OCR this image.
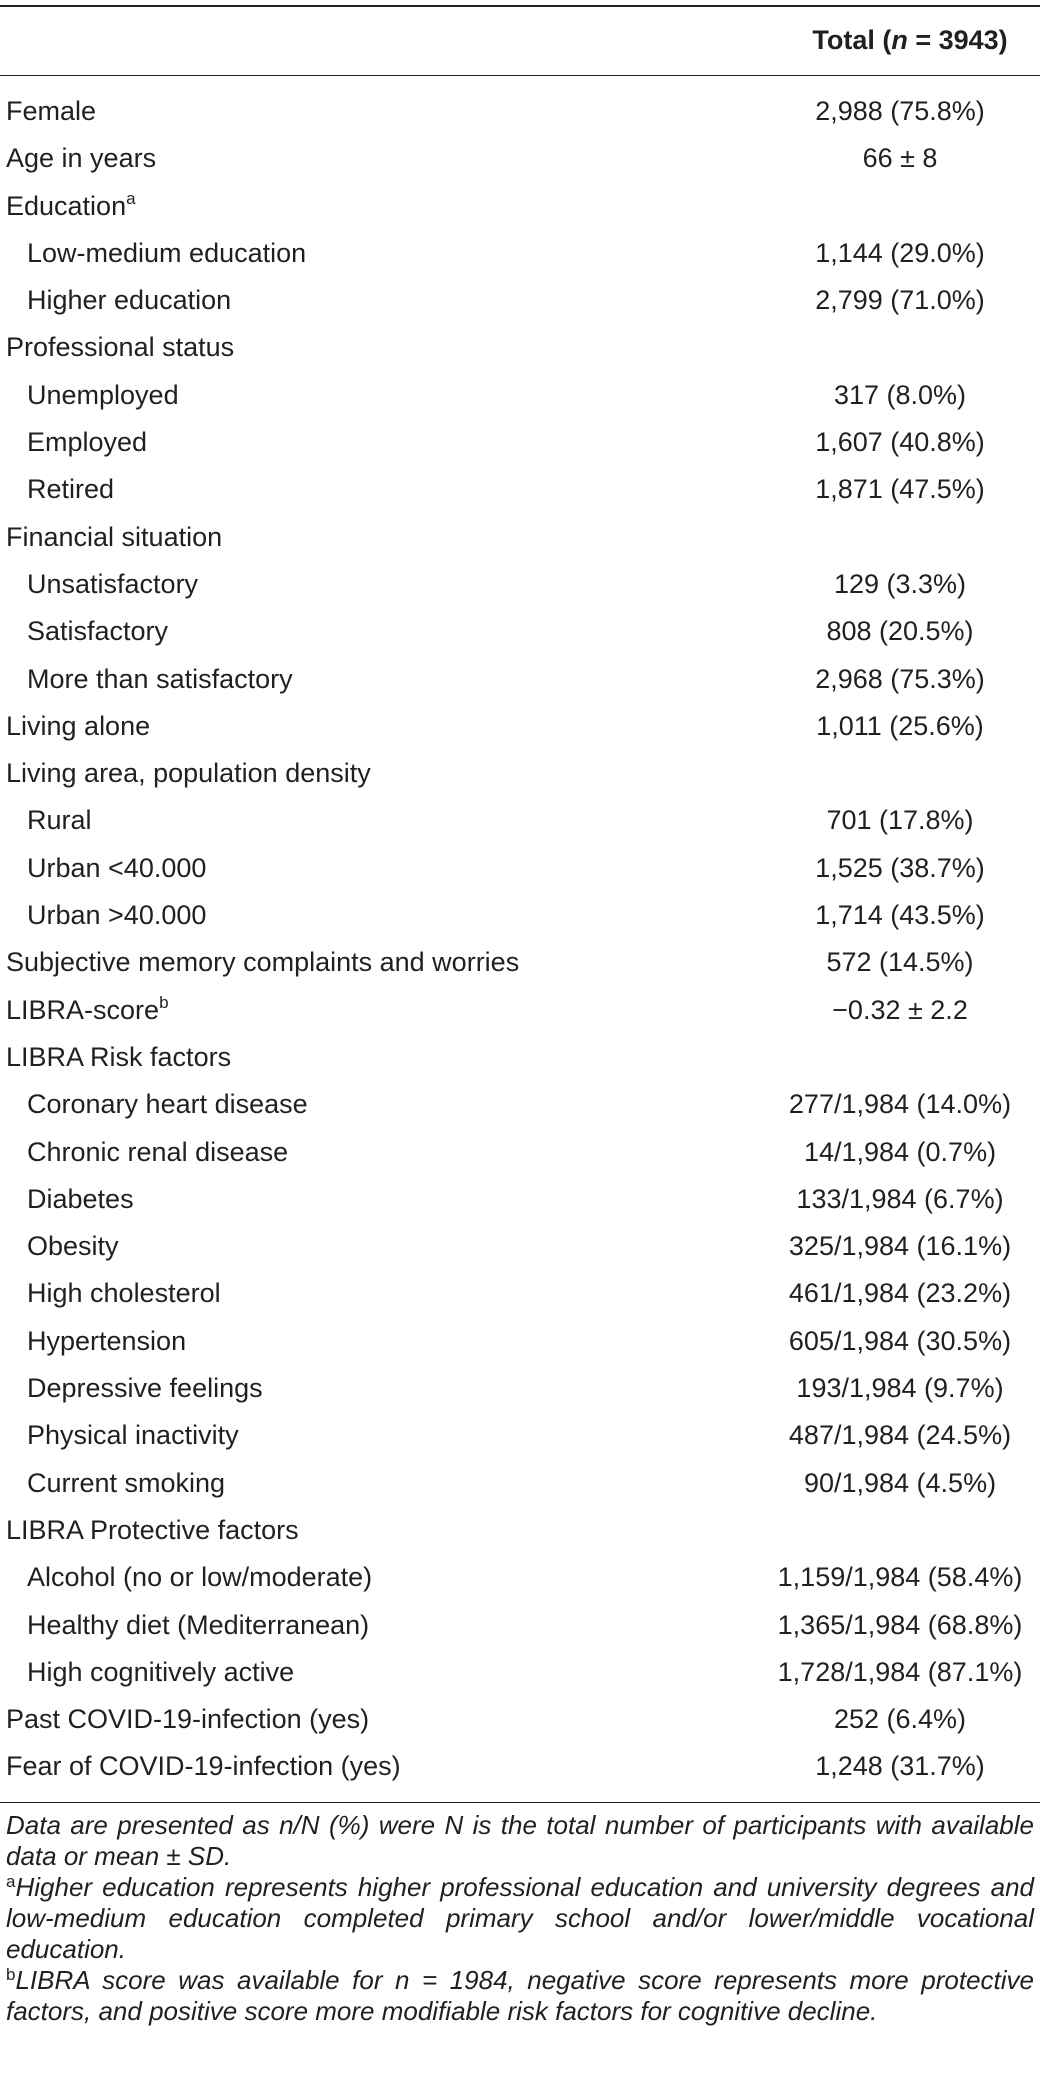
Total (n = 3943)
Female	2,988 (75.8%)
Age in years	66 ± 8
Education$^a$
Low-medium education	1,144 (29.0%)
Higher education	2,799 (71.0%)
Professional status
Unemployed	317 (8.0%)
Employed	1,607 (40.8%)
Retired	1,871 (47.5%)
Financial situation
Unsatisfactory	129 (3.3%)
Satisfactory	808 (20.5%)
More than satisfactory	2,968 (75.3%)
Living alone	1,011 (25.6%)
Living area, population density
Rural	701 (17.8%)
Urban <40.000	1,525 (38.7%)
Urban >40.000	1,714 (43.5%)
Subjective memory complaints and worries	572 (14.5%)
LIBRA-score$^b$	−0.32 ± 2.2
LIBRA Risk factors
Coronary heart disease	277/1,984 (14.0%)
Chronic renal disease	14/1,984 (0.7%)
Diabetes	133/1,984 (6.7%)
Obesity	325/1,984 (16.1%)
High cholesterol	461/1,984 (23.2%)
Hypertension	605/1,984 (30.5%)
Depressive feelings	193/1,984 (9.7%)
Physical inactivity	487/1,984 (24.5%)
Current smoking	90/1,984 (4.5%)
LIBRA Protective factors
Alcohol (no or low/moderate)	1,159/1,984 (58.4%)
Healthy diet (Mediterranean)	1,365/1,984 (68.8%)
High cognitively active	1,728/1,984 (87.1%)
Past COVID-19-infection (yes)	252 (6.4%)
Fear of COVID-19-infection (yes)	1,248 (31.7%)

Data are presented as n/N (%) were N is the total number of participants with available data or mean ± SD.

$^a$Higher education represents higher professional education and university degrees and low-medium education completed primary school and/or lower/middle vocational education.

$^b$LIBRA score was available for n = 1984, negative score represents more protective factors, and positive score more modifiable risk factors for cognitive decline.
